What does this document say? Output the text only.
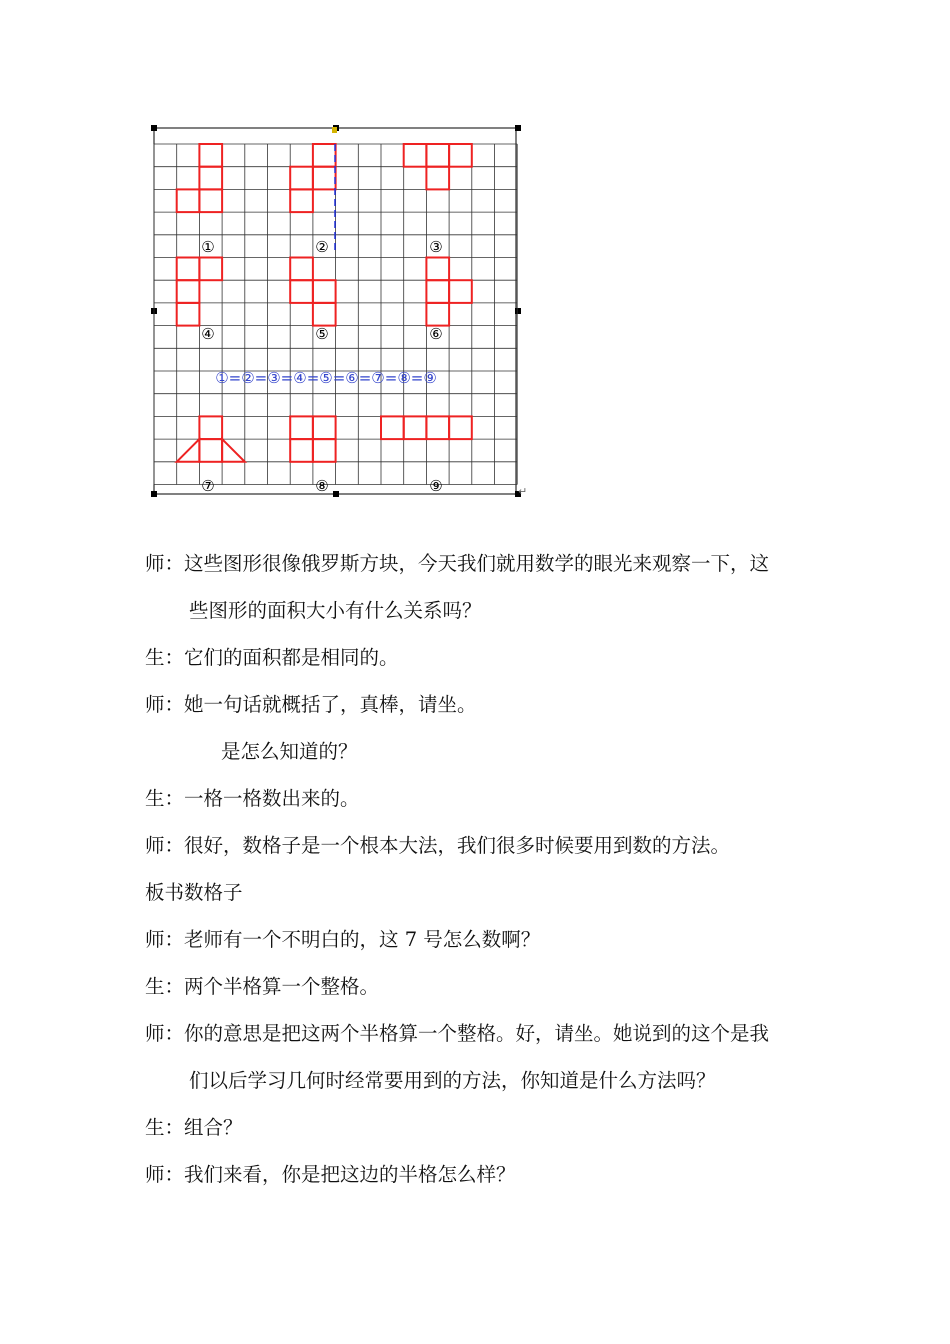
①	②	③
④	⑤	⑥
⑦	⑧	⑨
①=②=③=④=⑤=⑥=⑦=⑧=⑨
↵
师：这些图形很像俄罗斯方块，今天我们就用数学的眼光来观察一下，这
些图形的面积大小有什么关系吗？
生：它们的面积都是相同的。
师：她一句话就概括了，真棒，请坐。
是怎么知道的？
生：一格一格数出来的。
师：很好，数格子是一个根本大法，我们很多时候要用到数的方法。
板书数格子
师：老师有一个不明白的，这 7 号怎么数啊？
生：两个半格算一个整格。
师：你的意思是把这两个半格算一个整格。好，请坐。她说到的这个是我
们以后学习几何时经常要用到的方法，你知道是什么方法吗？
生：组合？
师：我们来看，你是把这边的半格怎么样？
